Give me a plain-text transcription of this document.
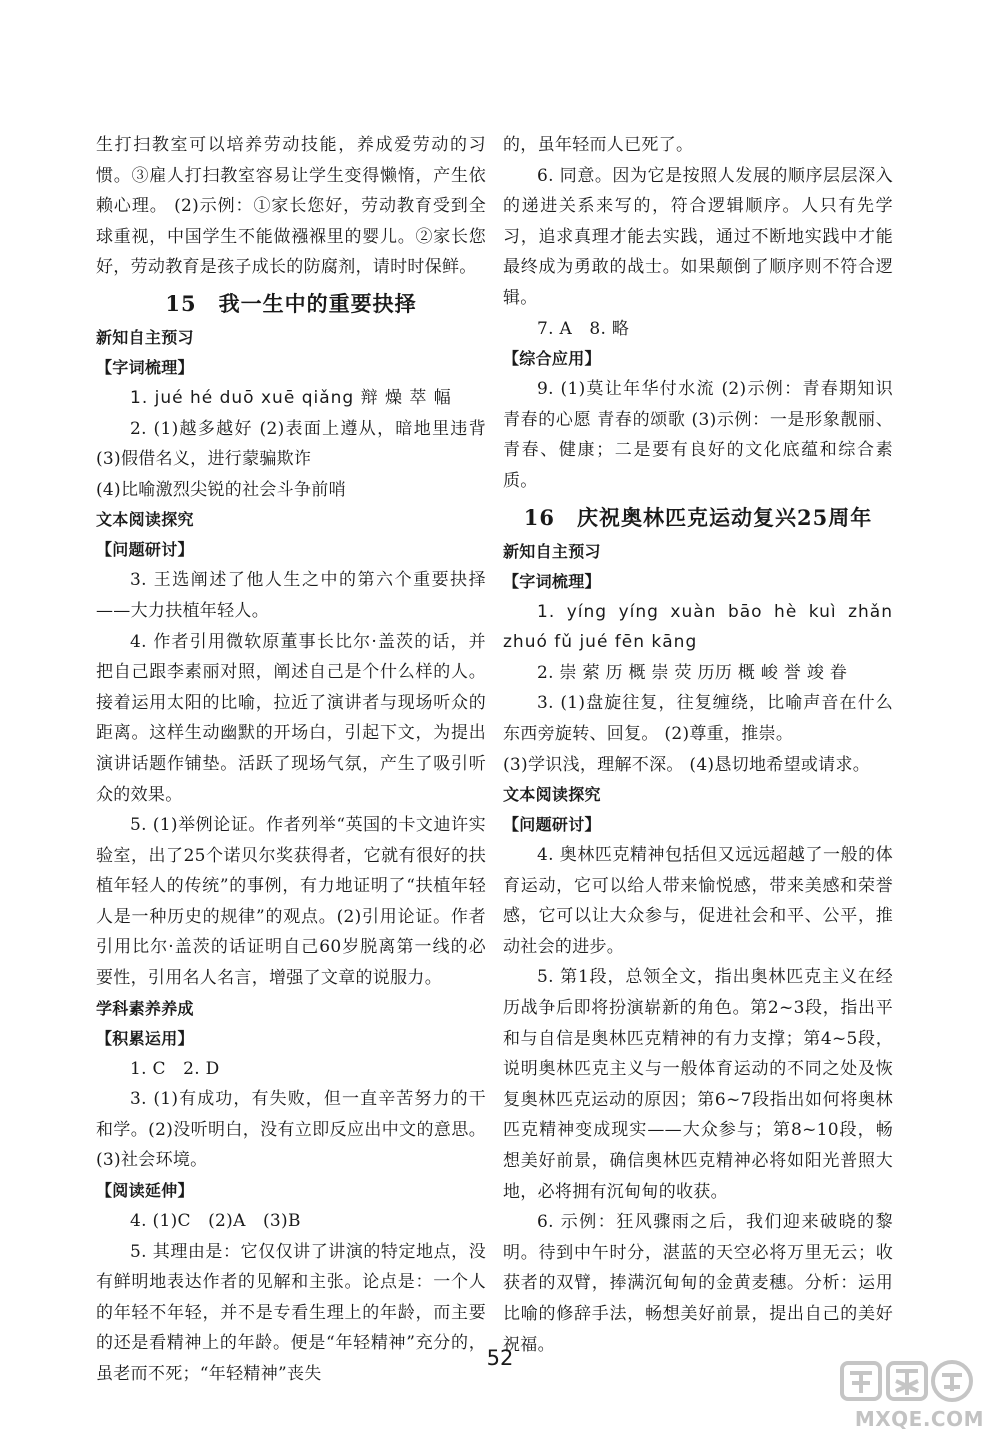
生打扫教室可以培养劳动技能，养成爱劳动的习惯。③雇人打扫教室容易让学生变得懒惰，产生依赖心理。 (2)示例：①家长您好，劳动教育受到全球重视，中国学生不能做襁褓里的婴儿。②家长您好，劳动教育是孩子成长的防腐剂，请时时保鲜。

15　我一生中的重要抉择

新知自主预习

【字词梳理】

1. jué hé duō xuē qiǎng 辩 燥 萃 幅

2. (1)越多越好 (2)表面上遵从，暗地里违背 (3)假借名义，进行蒙骗欺诈

(4)比喻激烈尖锐的社会斗争前哨

文本阅读探究

【问题研讨】

3. 王选阐述了他人生之中的第六个重要抉择——大力扶植年轻人。

4. 作者引用微软原董事长比尔·盖茨的话，并把自己跟李素丽对照，阐述自己是个什么样的人。接着运用太阳的比喻，拉近了演讲者与现场听众的距离。这样生动幽默的开场白，引起下文，为提出演讲话题作铺垫。活跃了现场气氛，产生了吸引听众的效果。

5. (1)举例论证。作者列举“英国的卡文迪许实验室，出了25个诺贝尔奖获得者，它就有很好的扶植年轻人的传统”的事例，有力地证明了“扶植年轻人是一种历史的规律”的观点。(2)引用论证。作者引用比尔·盖茨的话证明自己60岁脱离第一线的必要性，引用名人名言，增强了文章的说服力。

学科素养养成

【积累运用】

1. C　2. D

3. (1)有成功，有失败，但一直辛苦努力的干和学。(2)没听明白，没有立即反应出中文的意思。(3)社会环境。

【阅读延伸】

4. (1)C　(2)A　(3)B

5. 其理由是：它仅仅讲了讲演的特定地点，没有鲜明地表达作者的见解和主张。论点是：一个人的年轻不年轻，并不是专看生理上的年龄，而主要的还是看精神上的年龄。便是“年轻精神”充分的，虽老而不死；“年轻精神”丧失

的，虽年轻而人已死了。

6. 同意。因为它是按照人发展的顺序层层深入的递进关系来写的，符合逻辑顺序。人只有先学习，追求真理才能去实践，通过不断地实践中才能最终成为勇敢的战士。如果颠倒了顺序则不符合逻辑。

7. A　8. 略

【综合应用】

9. (1)莫让年华付水流 (2)示例：青春期知识 青春的心愿 青春的颂歌 (3)示例：一是形象靓丽、青春、健康；二是要有良好的文化底蕴和综合素质。

16　庆祝奥林匹克运动复兴25周年

新知自主预习

【字词梳理】

1. yíng yíng xuàn bāo hè kuì zhǎn zhuó fǔ jué fēn kāng

2. 崇 萦 历 概 崇 荧 历历 概 峻 誉 竣 眷

3. (1)盘旋往复，往复缠绕，比喻声音在什么东西旁旋转、回复。 (2)尊重，推崇。

(3)学识浅，理解不深。 (4)恳切地希望或请求。

文本阅读探究

【问题研讨】

4. 奥林匹克精神包括但又远远超越了一般的体育运动，它可以给人带来愉悦感，带来美感和荣誉感，它可以让大众参与，促进社会和平、公平，推动社会的进步。

5. 第1段，总领全文，指出奥林匹克主义在经历战争后即将扮演崭新的角色。第2~3段，指出平和与自信是奥林匹克精神的有力支撑；第4~5段，说明奥林匹克主义与一般体育运动的不同之处及恢复奥林匹克运动的原因；第6~7段指出如何将奥林匹克精神变成现实——大众参与；第8~10段，畅想美好前景，确信奥林匹克精神必将如阳光普照大地，必将拥有沉甸甸的收获。

6. 示例：狂风骤雨之后，我们迎来破晓的黎明。待到中午时分，湛蓝的天空必将万里无云；收获者的双臂，捧满沉甸甸的金黄麦穗。分析：运用比喻的修辞手法，畅想美好前景，提出自己的美好祝福。

52
MXQE.COM
